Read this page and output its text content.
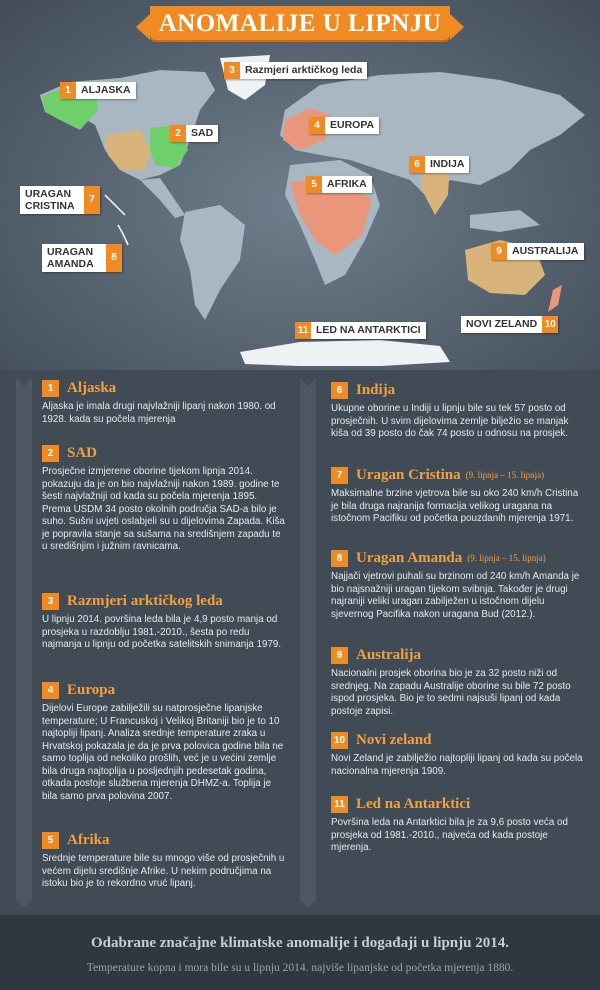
ANOMALIJE U LIPNJU
1 ALJASKA
2 SAD
3 Razmjeri arktičkog leda
4 EUROPA
5 AFRIKA
6 INDIJA
7
URAGAN CRISTINA
8
URAGAN AMANDA
9 AUSTRALIJA
10
NOVI ZELAND
11 LED NA ANTARKTICI
1 Aljaska
Aljaska je imala drugi najvlažniji lipanj nakon 1980. od 1928. kada su počela mjerenja
2 SAD
Prosječne izmjerene oborine tijekom lipnja 2014. pokazuju da je on bio najvlažniji nakon 1989. godine te šesti najvlažniji od kada su počela mjerenja 1895. Prema USDM 34 posto okolnih područja SAD-a bilo je suho. Sušni uvjeti oslabjeli su u dijelovima Zapada. Kiša je popravila stanje sa sušama na središnjem zapadu te u središnjim i južnim ravnicama.
3 Razmjeri arktičkog leda
U lipnju 2014. površina leda bila je 4,9 posto manja od prosjeka u razdoblju 1981.-2010., šesta po redu najmanja u lipnju od početka satelitskih snimanja 1979.
4 Europa
Dijelovi Europe zabilježili su natprosječne lipanjske temperature; U Francuskoj i Velikoj Britaniji bio je to 10 najtopliji lipanj. Analiza srednje temperature zraka u Hrvatskoj pokazala je da je prva polovica godine bila ne samo toplija od nekoliko prošlih, već je u većini zemlje bila druga najtoplija u posljednjih pedesetak godina, otkada postoje službena mjerenja DHMZ-a. Toplija je bila samo prva polovina 2007.
5 Afrika
Srednje temperature bile su mnogo više od prosječnih u većem dijelu središnje Afrike. U nekim područjima na istoku bio je to rekordno vruć lipanj.
6 Indija
Ukupne oborine u Indiji u lipnju bile su tek 57 posto od prosječnih. U svim dijelovima zemlje bilježio se manjak kiša od 39 posto do čak 74 posto u odnosu na prosjek.
7 Uragan Cristina (9. lipnja – 15. lipnja)
Maksimalne brzine vjetrova bile su oko 240 km/h Cristina je bila druga najranija formacija velikog uragana na istočnom Pacifiku od početka pouzdanih mjerenja 1971.
8 Uragan Amanda (9. lipnja – 15. lipnja)
Najjači vjetrovi puhali su brzinom od 240 km/h Amanda je bio najsnažniji uragan tijekom svibnja. Također je drugi najraniji veliki uragan zabilježen u istočnom dijelu sjevernog Pacifika nakon uragana Bud (2012.).
9 Australija
Nacionalni prosjek oborina bio je za 32 posto niži od srednjeg. Na zapadu Australije oborine su bile 72 posto ispod prosjeka. Bio je to sedmi najsuši lipanj od kada postoje zapisi.
10 Novi zeland
Novi Zeland je zabilježio najtopliji lipanj od kada su počela nacionalna mjerenja 1909.
11 Led na Antarktici
Površina leda na Antarktici bila je za 9,6 posto veća od prosjeka od 1981.-2010., najveća od kada postoje mjerenja.
Odabrane značajne klimatske anomalije i događaji u lipnju 2014.
Temperature kopna i mora bile su u lipnju 2014. najviše lipanjske od početka mjerenja 1880.
